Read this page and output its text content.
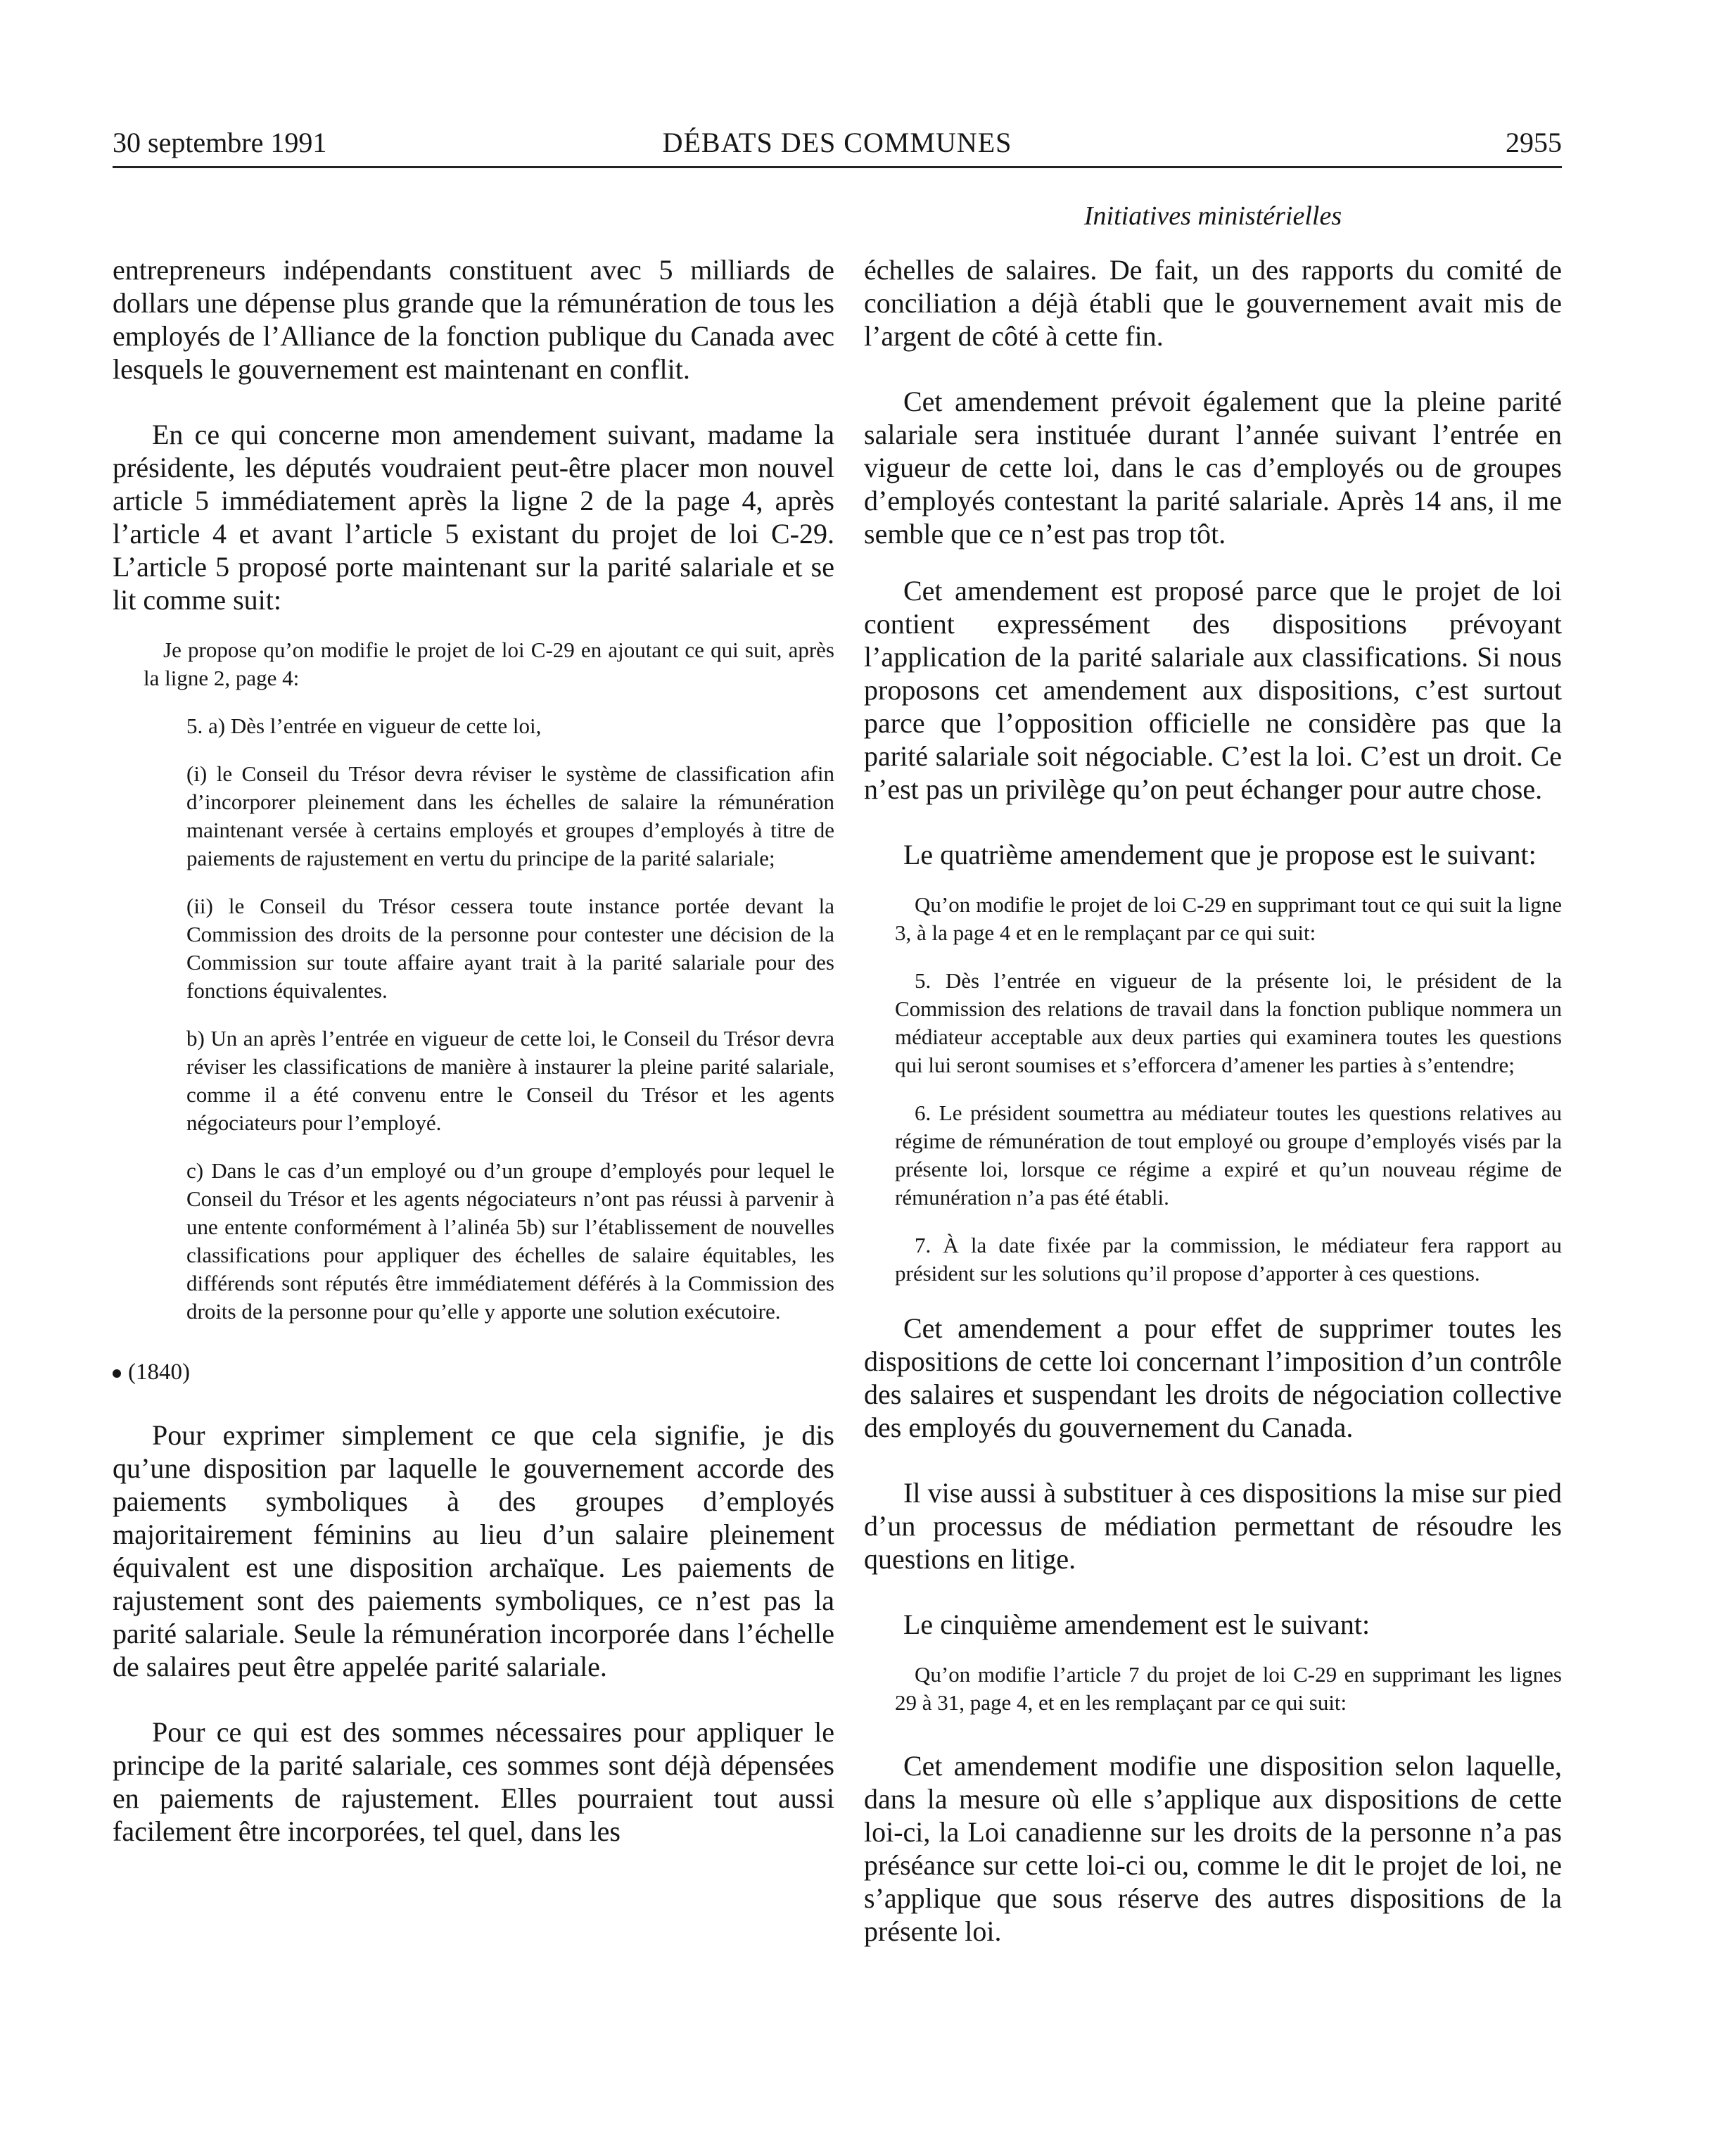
30 septembre 1991	DÉBATS DES COMMUNES	2955
Initiatives ministérielles

entrepreneurs indépendants constituent avec 5 milliards de dollars une dépense plus grande que la rémunération de tous les employés de l’Alliance de la fonction publique du Canada avec lesquels le gouvernement est maintenant en conflit.

En ce qui concerne mon amendement suivant, madame la présidente, les députés voudraient peut-être placer mon nouvel article 5 immédiatement après la ligne 2 de la page 4, après l’article 4 et avant l’article 5 existant du projet de loi C-29. L’article 5 proposé porte maintenant sur la parité salariale et se lit comme suit:

Je propose qu’on modifie le projet de loi C-29 en ajoutant ce qui suit, après la ligne 2, page 4:

5. a) Dès l’entrée en vigueur de cette loi,

(i) le Conseil du Trésor devra réviser le système de classification afin d’incorporer pleinement dans les échelles de salaire la rémunération maintenant versée à certains employés et groupes d’employés à titre de paiements de rajustement en vertu du principe de la parité salariale;

(ii) le Conseil du Trésor cessera toute instance portée devant la Commission des droits de la personne pour contester une décision de la Commission sur toute affaire ayant trait à la parité salariale pour des fonctions équivalentes.

b) Un an après l’entrée en vigueur de cette loi, le Conseil du Trésor devra réviser les classifications de manière à instaurer la pleine parité salariale, comme il a été convenu entre le Conseil du Trésor et les agents négociateurs pour l’employé.

c) Dans le cas d’un employé ou d’un groupe d’employés pour lequel le Conseil du Trésor et les agents négociateurs n’ont pas réussi à parvenir à une entente conformément à l’alinéa 5b) sur l’établissement de nouvelles classifications pour appliquer des échelles de salaire équitables, les différends sont réputés être immédiatement déférés à la Commission des droits de la personne pour qu’elle y apporte une solution exécutoire.

(1840)

Pour exprimer simplement ce que cela signifie, je dis qu’une disposition par laquelle le gouvernement accorde des paiements symboliques à des groupes d’employés majoritairement féminins au lieu d’un salaire pleinement équivalent est une disposition archaïque. Les paiements de rajustement sont des paiements symboliques, ce n’est pas la parité salariale. Seule la rémunération incorporée dans l’échelle de salaires peut être appelée parité salariale.

Pour ce qui est des sommes nécessaires pour appliquer le principe de la parité salariale, ces sommes sont déjà dépensées en paiements de rajustement. Elles pourraient tout aussi facilement être incorporées, tel quel, dans les

échelles de salaires. De fait, un des rapports du comité de conciliation a déjà établi que le gouvernement avait mis de l’argent de côté à cette fin.

Cet amendement prévoit également que la pleine parité salariale sera instituée durant l’année suivant l’entrée en vigueur de cette loi, dans le cas d’employés ou de groupes d’employés contestant la parité salariale. Après 14 ans, il me semble que ce n’est pas trop tôt.

Cet amendement est proposé parce que le projet de loi contient expressément des dispositions prévoyant l’application de la parité salariale aux classifications. Si nous proposons cet amendement aux dispositions, c’est surtout parce que l’opposition officielle ne considère pas que la parité salariale soit négociable. C’est la loi. C’est un droit. Ce n’est pas un privilège qu’on peut échanger pour autre chose.

Le quatrième amendement que je propose est le suivant:

Qu’on modifie le projet de loi C-29 en supprimant tout ce qui suit la ligne 3, à la page 4 et en le remplaçant par ce qui suit:

5. Dès l’entrée en vigueur de la présente loi, le président de la Commission des relations de travail dans la fonction publique nommera un médiateur acceptable aux deux parties qui examinera toutes les questions qui lui seront soumises et s’efforcera d’amener les parties à s’entendre;

6. Le président soumettra au médiateur toutes les questions relatives au régime de rémunération de tout employé ou groupe d’employés visés par la présente loi, lorsque ce régime a expiré et qu’un nouveau régime de rémunération n’a pas été établi.

7. À la date fixée par la commission, le médiateur fera rapport au président sur les solutions qu’il propose d’apporter à ces questions.

Cet amendement a pour effet de supprimer toutes les dispositions de cette loi concernant l’imposition d’un contrôle des salaires et suspendant les droits de négociation collective des employés du gouvernement du Canada.

Il vise aussi à substituer à ces dispositions la mise sur pied d’un processus de médiation permettant de résoudre les questions en litige.

Le cinquième amendement est le suivant:

Qu’on modifie l’article 7 du projet de loi C-29 en supprimant les lignes 29 à 31, page 4, et en les remplaçant par ce qui suit:

Cet amendement modifie une disposition selon laquelle, dans la mesure où elle s’applique aux dispositions de cette loi-ci, la Loi canadienne sur les droits de la personne n’a pas préséance sur cette loi-ci ou, comme le dit le projet de loi, ne s’applique que sous réserve des autres dispositions de la présente loi.
